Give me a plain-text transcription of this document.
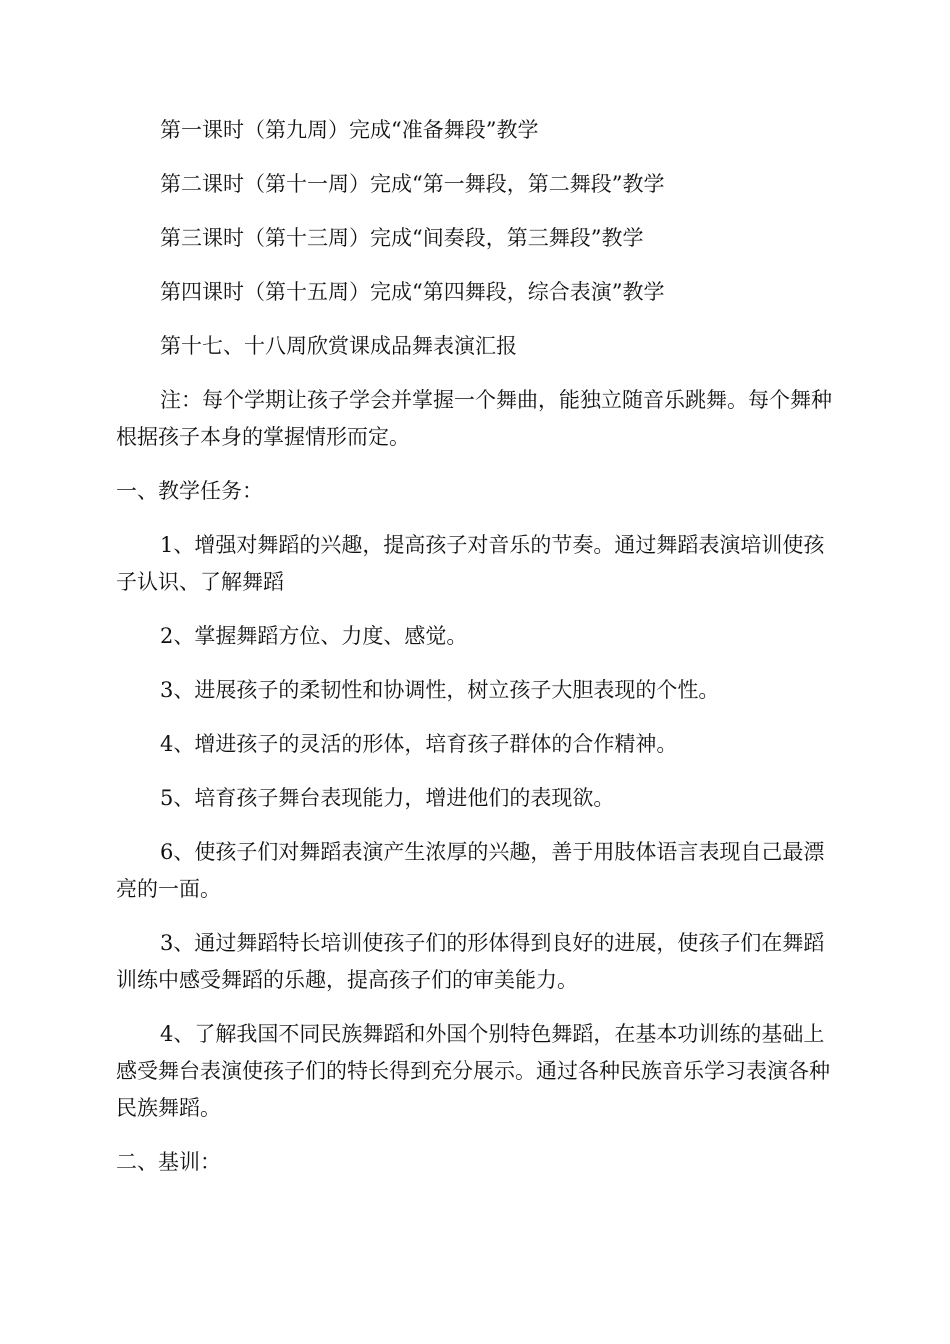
第一课时（第九周）完成“准备舞段”教学

第二课时（第十一周）完成“第一舞段，第二舞段”教学

第三课时（第十三周）完成“间奏段，第三舞段”教学

第四课时（第十五周）完成“第四舞段，综合表演”教学

第十七、十八周欣赏课成品舞表演汇报

注：每个学期让孩子学会并掌握一个舞曲，能独立随音乐跳舞。每个舞种根据孩子本身的掌握情形而定。

一、教学任务：

1、增强对舞蹈的兴趣，提高孩子对音乐的节奏。通过舞蹈表演培训使孩子认识、了解舞蹈

2、掌握舞蹈方位、力度、感觉。

3、进展孩子的柔韧性和协调性，树立孩子大胆表现的个性。

4、增进孩子的灵活的形体，培育孩子群体的合作精神。

5、培育孩子舞台表现能力，增进他们的表现欲。

6、使孩子们对舞蹈表演产生浓厚的兴趣，善于用肢体语言表现自己最漂亮的一面。

3、通过舞蹈特长培训使孩子们的形体得到良好的进展，使孩子们在舞蹈训练中感受舞蹈的乐趣，提高孩子们的审美能力。

4、了解我国不同民族舞蹈和外国个别特色舞蹈，在基本功训练的基础上感受舞台表演使孩子们的特长得到充分展示。通过各种民族音乐学习表演各种民族舞蹈。

二、基训：
